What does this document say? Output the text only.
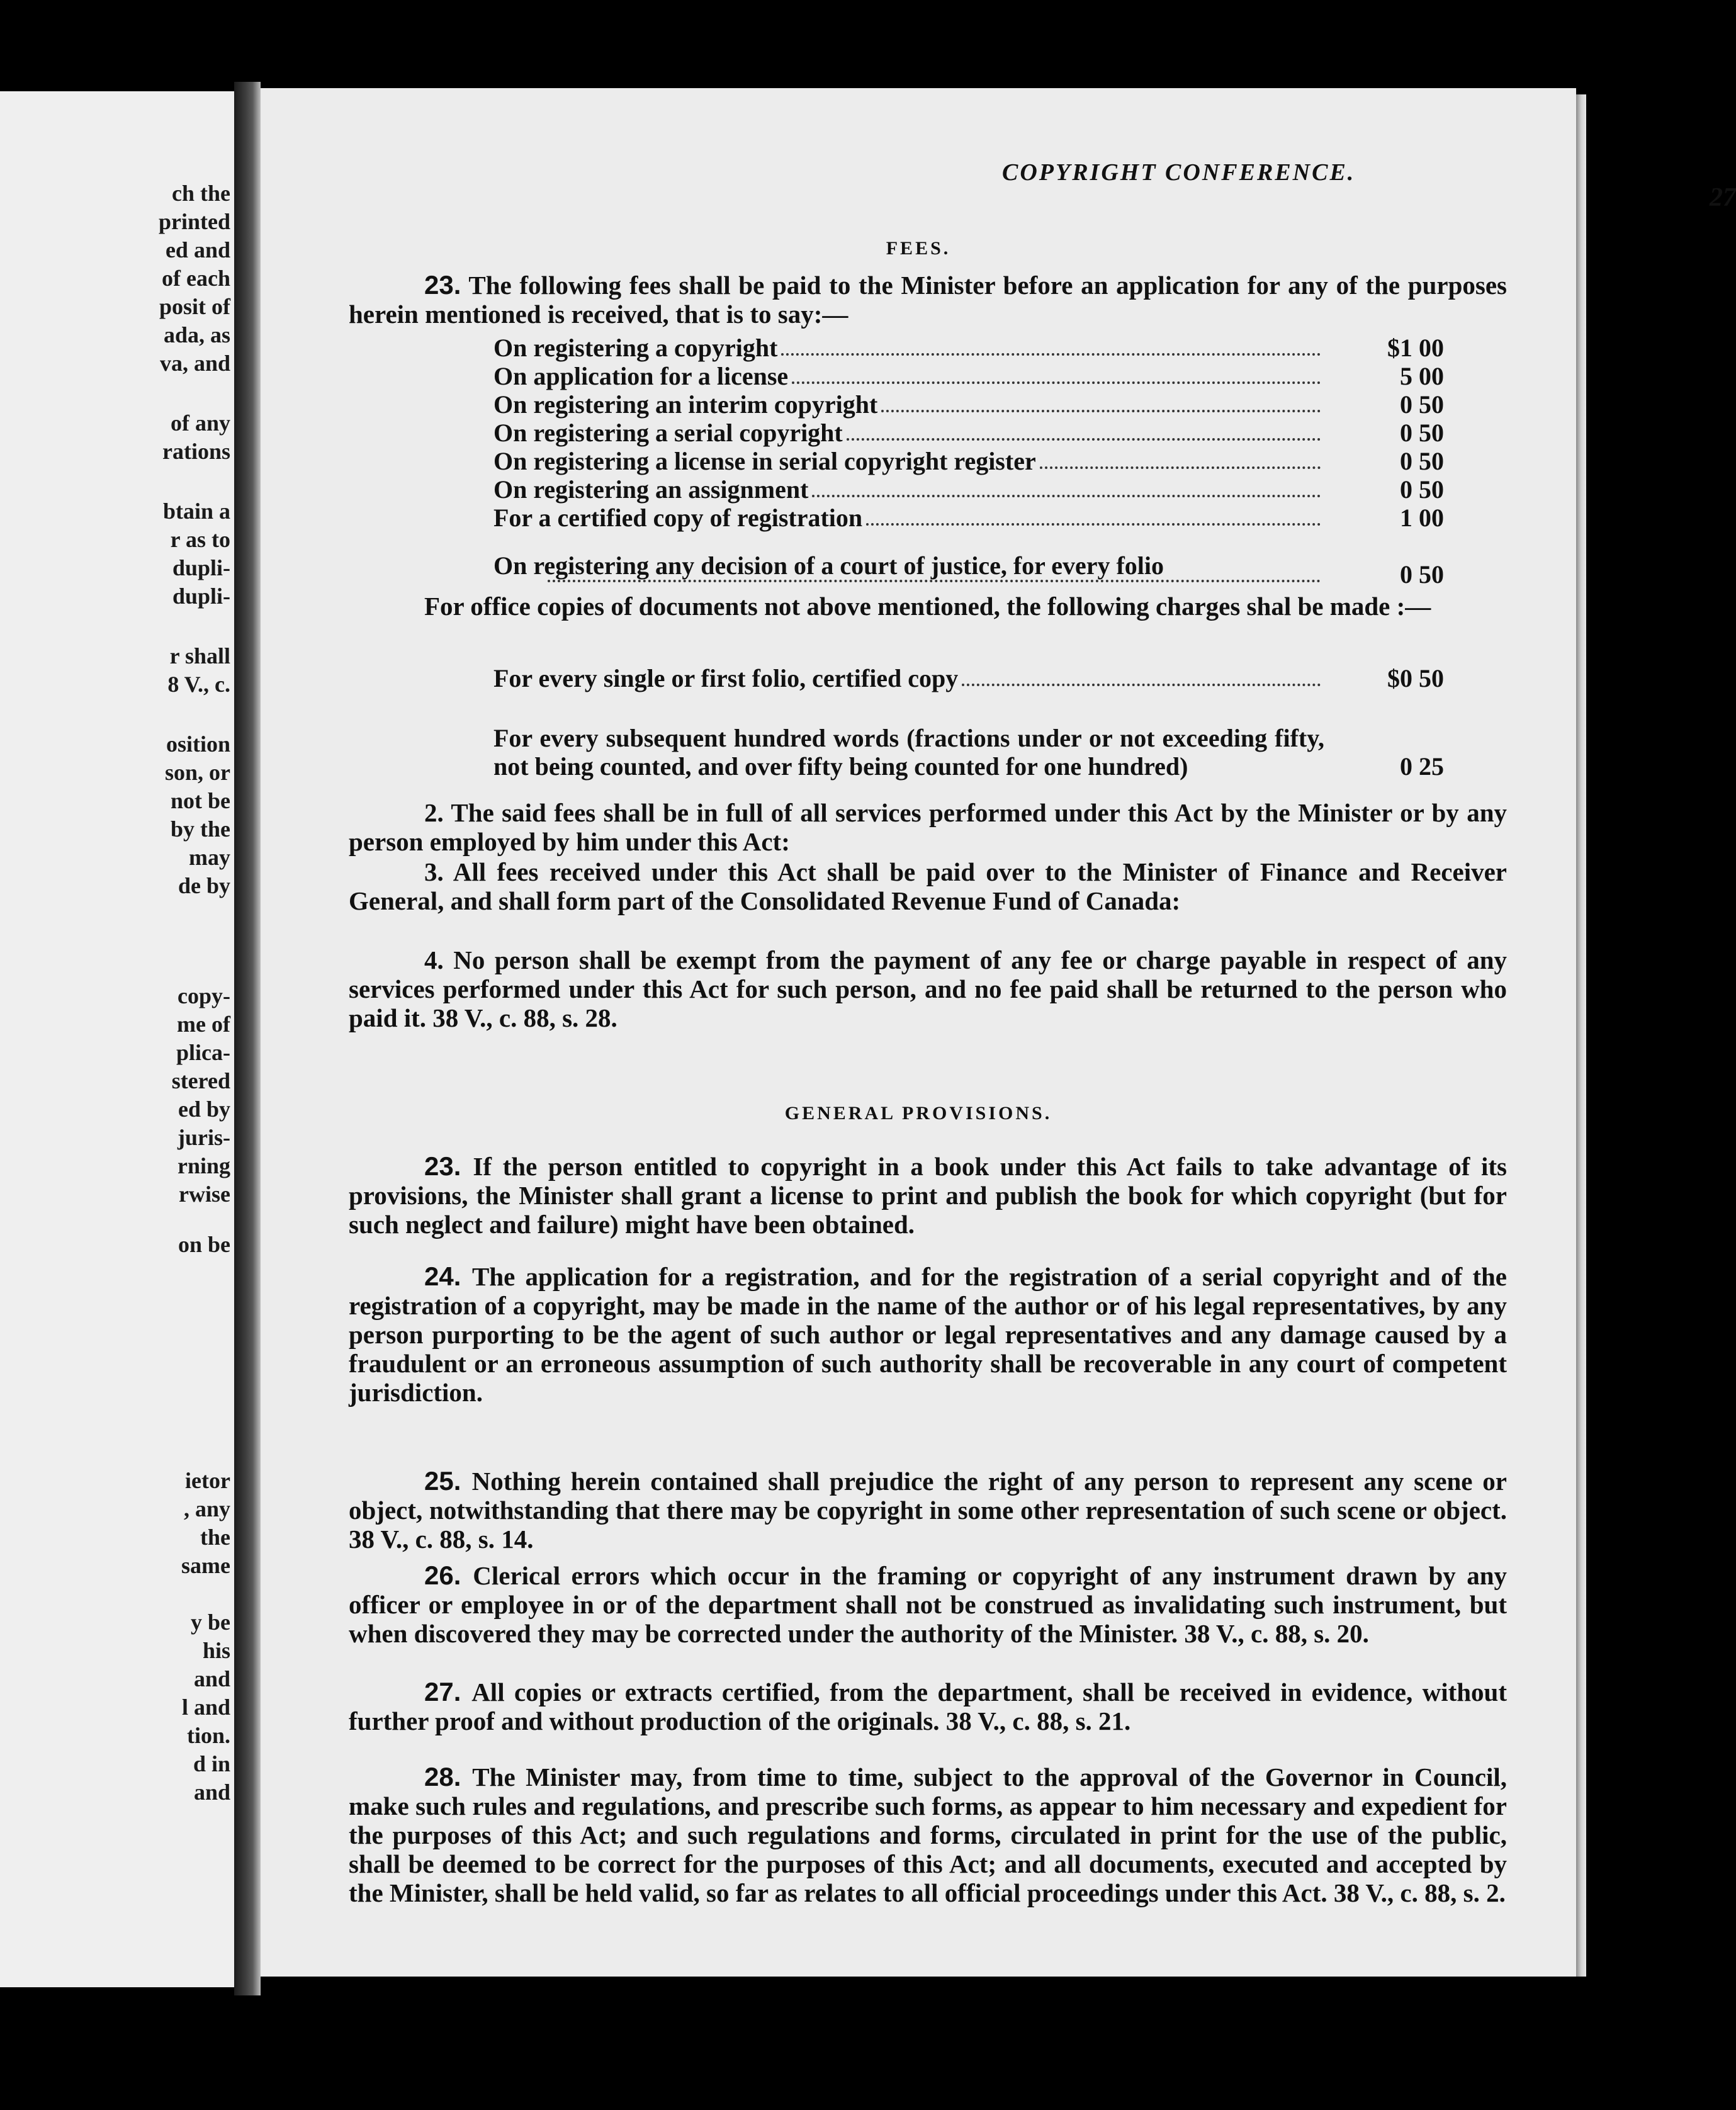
ch the
printed
ed and
of each
posit of
ada, as
va, and
of any
rations
btain a
r as to
dupli-
dupli-
r shall
8 V., c.
osition
son, or
not be
by the
may
de by
copy-
me of
plica-
stered
ed by
juris-
rning
rwise
on be
ietor
, any
the
same
y be
his
and
l and
tion.
d in
and
COPYRIGHT CONFERENCE.
27
FEES.
23. The following fees shall be paid to the Minister before an application for any of the purposes herein mentioned is received, that is to say:—
On registering a copyright	$1 00
On application for a license	5 00
On registering an interim copyright	0 50
On registering a serial copyright	0 50
On registering a license in serial copyright register	0 50
On registering an assignment	0 50
For a certified copy of registration	1 00
On registering any decision of a court of justice, for every folio	0 50
For office copies of documents not above mentioned, the following charges shal be made :—
For every single or first folio, certified copy	$0 50
For every subsequent hundred words (fractions under or not exceeding fifty, not being counted, and over fifty being counted for one hundred)	0 25
2. The said fees shall be in full of all services performed under this Act by the Minister or by any person employed by him under this Act:
3. All fees received under this Act shall be paid over to the Minister of Finance and Receiver General, and shall form part of the Consolidated Revenue Fund of Canada:
4. No person shall be exempt from the payment of any fee or charge payable in respect of any services performed under this Act for such person, and no fee paid shall be returned to the person who paid it. 38 V., c. 88, s. 28.
GENERAL PROVISIONS.
23. If the person entitled to copyright in a book under this Act fails to take advantage of its provisions, the Minister shall grant a license to print and publish the book for which copyright (but for such neglect and failure) might have been obtained.
24. The application for a registration, and for the registration of a serial copyright and of the registration of a copyright, may be made in the name of the author or of his legal representatives, by any person purporting to be the agent of such author or legal representatives and any damage caused by a fraudulent or an erroneous assumption of such authority shall be recoverable in any court of competent jurisdiction.
25. Nothing herein contained shall prejudice the right of any person to represent any scene or object, notwithstanding that there may be copyright in some other representation of such scene or object. 38 V., c. 88, s. 14.
26. Clerical errors which occur in the framing or copyright of any instrument drawn by any officer or employee in or of the department shall not be construed as invalidating such instrument, but when discovered they may be corrected under the authority of the Minister. 38 V., c. 88, s. 20.
27. All copies or extracts certified, from the department, shall be received in evidence, without further proof and without production of the originals. 38 V., c. 88, s. 21.
28. The Minister may, from time to time, subject to the approval of the Governor in Council, make such rules and regulations, and prescribe such forms, as appear to him necessary and expedient for the purposes of this Act; and such regulations and forms, circulated in print for the use of the public, shall be deemed to be correct for the purposes of this Act; and all documents, executed and accepted by the Minister, shall be held valid, so far as relates to all official proceedings under this Act. 38 V., c. 88, s. 2.
